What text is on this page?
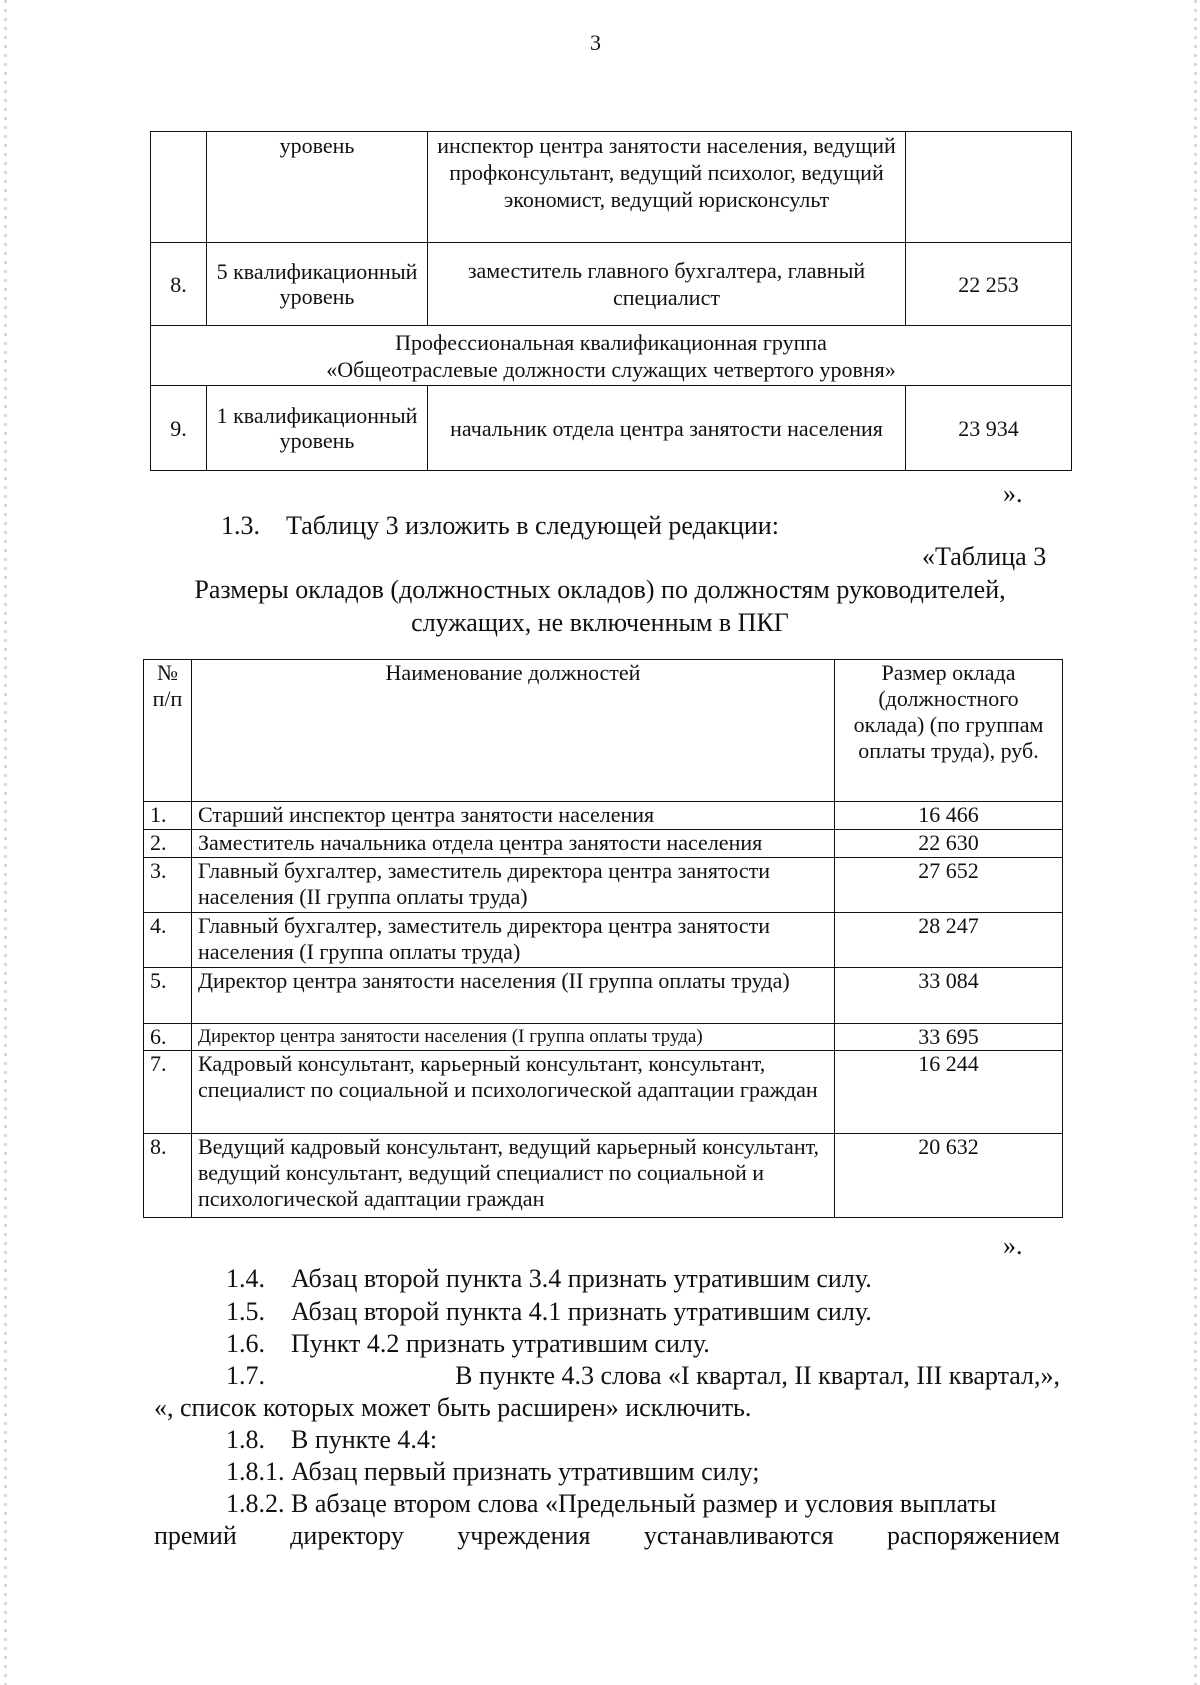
3
	уровень	инспектор центра занятости населения, ведущий профконсультант, ведущий психолог, ведущий экономист, ведущий юрисконсульт	
8.	5 квалификационный уровень	заместитель главного бухгалтера, главный специалист	22 253

Профессиональная квалификационная группа
«Общеотраслевые должности служащих четвертого уровня»			

9.	1 квалификационный уровень	начальник отдела центра занятости населения	23 934
».
1.3. Таблицу 3 изложить в следующей редакции:
«Таблица 3
Размеры окладов (должностных окладов) по должностям руководителей,
служащих, не включенным в ПКГ
№ п/п	Наименование должностей	Размер оклада (должностного оклада) (по группам оплаты труда), руб.
1.	Старший инспектор центра занятости населения	16 466
2.	Заместитель начальника отдела центра занятости населения	22 630
3.	Главный бухгалтер, заместитель директора центра занятости населения (II группа оплаты труда)	27 652
4.	Главный бухгалтер, заместитель директора центра занятости населения (I группа оплаты труда)	28 247
5.	Директор центра занятости населения (II группа оплаты труда)	33 084
6.	Директор центра занятости населения (I группа оплаты труда)	33 695
7.	Кадровый консультант, карьерный консультант, консультант, специалист по социальной и психологической адаптации граждан	16 244
8.	Ведущий кадровый консультант, ведущий карьерный консультант, ведущий консультант, ведущий специалист по социальной и психологической адаптации граждан	20 632
».
1.4. Абзац второй пункта 3.4 признать утратившим силу.
1.5. Абзац второй пункта 4.1 признать утратившим силу.
1.6. Пункт 4.2 признать утратившим силу.
1.7.	В пункте 4.3 слова «I квартал, II квартал, III квартал,»,
«, список которых может быть расширен» исключить.
1.8. В пункте 4.4:
1.8.1. Абзац первый признать утратившим силу;
1.8.2. В абзаце втором слова «Предельный размер и условия выплаты
премий директору учреждения устанавливаются распоряжением
